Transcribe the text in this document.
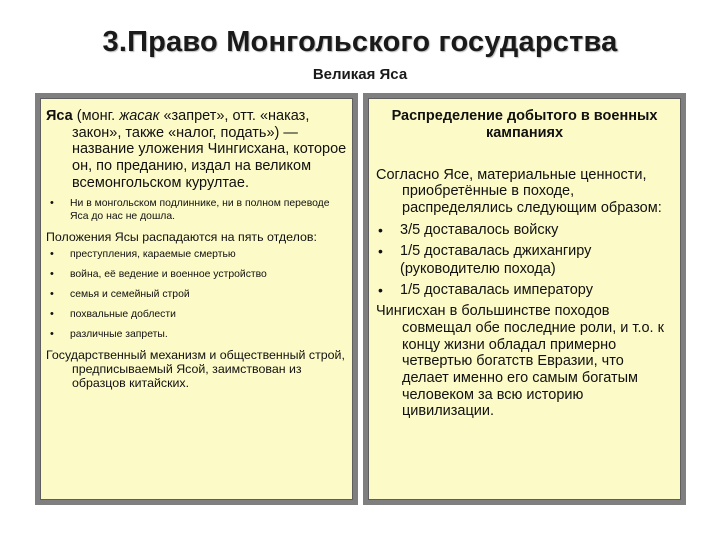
3.Право Монгольского государства
Великая Яса

Яса (монг. жасак «запрет», отт. «наказ, закон», также «налог, подать») — название уложения Чингисхана, которое он, по преданию, издал на великом всемонгольском курултае.

• Ни в монгольском подлиннике, ни в полном переводе Яса до нас не дошла.

Положения Ясы распадаются на пять отделов:

• преступления, караемые смертью
• война, её ведение и военное устройство
• семья и семейный строй
• похвальные доблести
• различные запреты.

Государственный механизм и общественный строй, предписываемый Ясой, заимствован из образцов китайских.

Распределение добытого в военных кампаниях

Согласно Ясе, материальные ценности, приобретённые в походе, распределялись следующим образом:

• 3/5 доставалось войску
• 1/5 доставалась джихангиру (руководителю похода)
• 1/5 доставалась императору

Чингисхан в большинстве походов совмещал обе последние роли, и т.о. к концу жизни обладал примерно четвертью богатств Евразии, что делает именно его самым богатым человеком за всю историю цивилизации.
